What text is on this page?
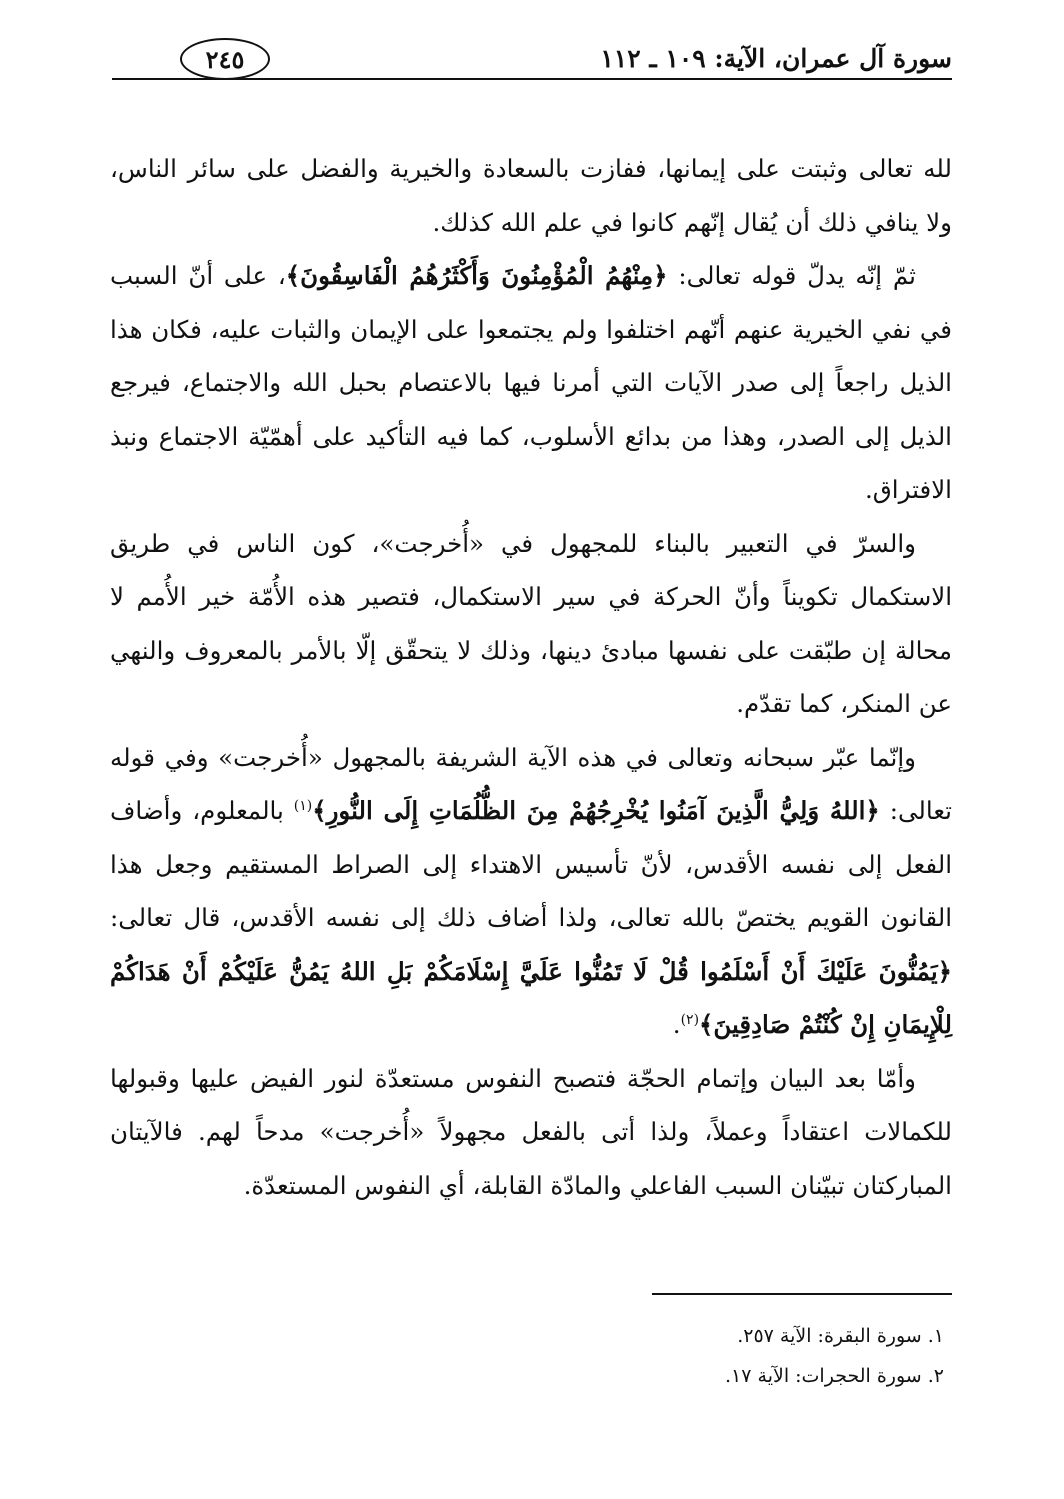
سورة آل عمران، الآية: ١٠٩ ـ ١١٢
٢٤٥

لله تعالى وثبتت على إيمانها، ففازت بالسعادة والخيرية والفضل على سائر الناس، ولا ينافي ذلك أن يُقال إنّهم كانوا في علم الله كذلك.

ثمّ إنّه يدلّ قوله تعالى: ﴿مِنْهُمُ الْمُؤْمِنُونَ وَأَكْثَرُهُمُ الْفَاسِقُونَ﴾، على أنّ السبب في نفي الخيرية عنهم أنّهم اختلفوا ولم يجتمعوا على الإيمان والثبات عليه، فكان هذا الذيل راجعاً إلى صدر الآيات التي أمرنا فيها بالاعتصام بحبل الله والاجتماع، فيرجع الذيل إلى الصدر، وهذا من بدائع الأسلوب، كما فيه التأكيد على أهمّيّة الاجتماع ونبذ الافتراق.

والسرّ في التعبير بالبناء للمجهول في «أُخرجت»، كون الناس في طريق الاستكمال تكويناً وأنّ الحركة في سير الاستكمال، فتصير هذه الأُمّة خير الأُمم لا محالة إن طبّقت على نفسها مبادئ دينها، وذلك لا يتحقّق إلّا بالأمر بالمعروف والنهي عن المنكر، كما تقدّم.

وإنّما عبّر سبحانه وتعالى في هذه الآية الشريفة بالمجهول «أُخرجت» وفي قوله تعالى: ﴿اللهُ وَلِيُّ الَّذِينَ آمَنُوا يُخْرِجُهُمْ مِنَ الظُّلُمَاتِ إِلَى النُّورِ﴾$^{(١)}$ بالمعلوم، وأضاف الفعل إلى نفسه الأقدس، لأنّ تأسيس الاهتداء إلى الصراط المستقيم وجعل هذا القانون القويم يختصّ بالله تعالى، ولذا أضاف ذلك إلى نفسه الأقدس، قال تعالى: ﴿يَمُنُّونَ عَلَيْكَ أَنْ أَسْلَمُوا قُلْ لَا تَمُنُّوا عَلَيَّ إِسْلَامَكُمْ بَلِ اللهُ يَمُنُّ عَلَيْكُمْ أَنْ هَدَاكُمْ لِلْإِيمَانِ إِنْ كُنْتُمْ صَادِقِينَ﴾$^{(٢)}$.

وأمّا بعد البيان وإتمام الحجّة فتصبح النفوس مستعدّة لنور الفيض عليها وقبولها للكمالات اعتقاداً وعملاً، ولذا أتى بالفعل مجهولاً «أُخرجت» مدحاً لهم. فالآيتان المباركتان تبيّنان السبب الفاعلي والمادّة القابلة، أي النفوس المستعدّة.

١. سورة البقرة: الآية ٢٥٧.
٢. سورة الحجرات: الآية ١٧.
